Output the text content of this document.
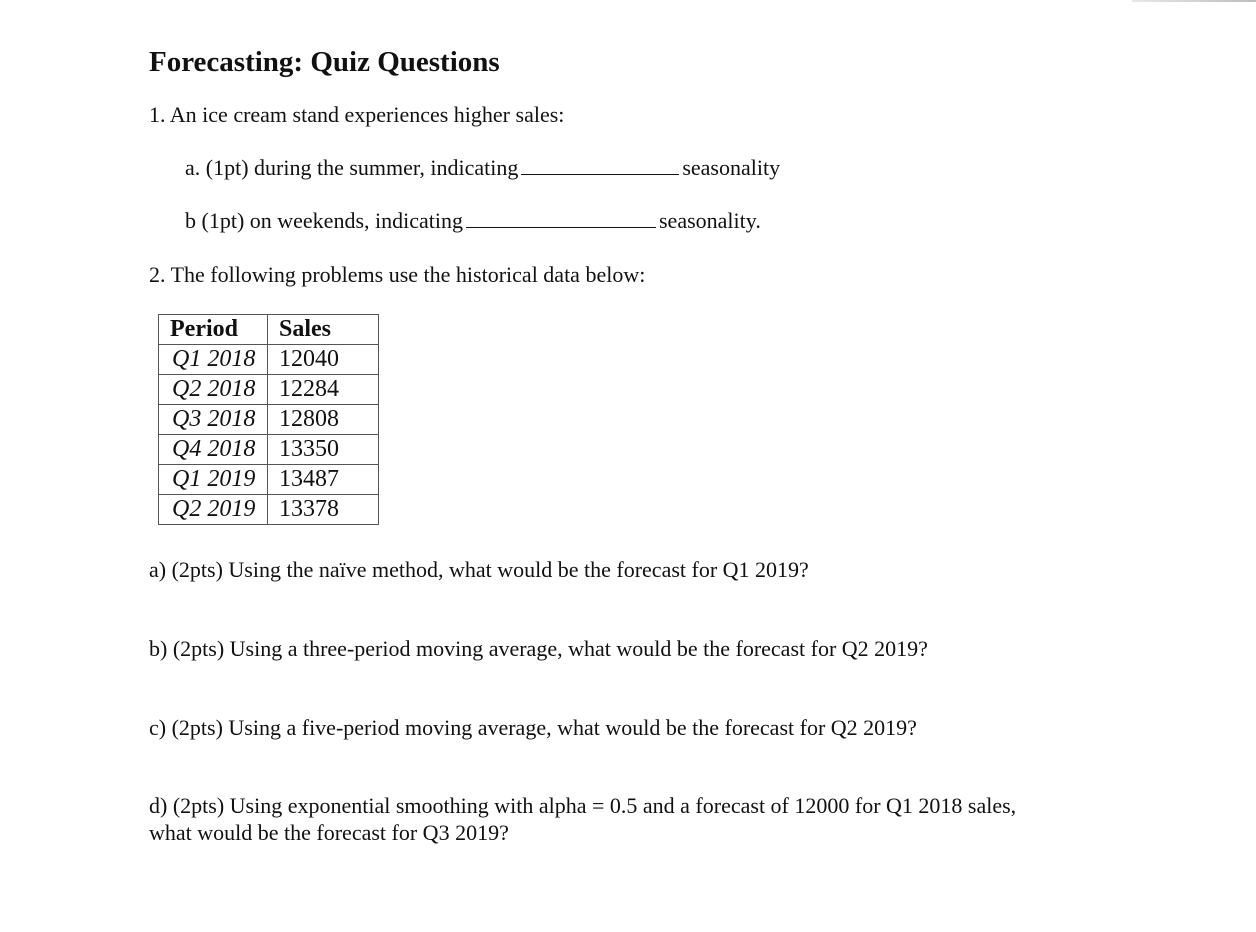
Forecasting: Quiz Questions
1. An ice cream stand experiences higher sales:
a. (1pt) during the summer, indicating	seasonality
b (1pt) on weekends, indicating	seasonality.
2. The following problems use the historical data below:
Period	Sales
Q1 2018	12040
Q2 2018	12284
Q3 2018	12808
Q4 2018	13350
Q1 2019	13487
Q2 2019	13378
a) (2pts) Using the naïve method, what would be the forecast for Q1 2019?
b) (2pts) Using a three-period moving average, what would be the forecast for Q2 2019?
c) (2pts) Using a five-period moving average, what would be the forecast for Q2 2019?
d) (2pts) Using exponential smoothing with alpha = 0.5 and a forecast of 12000 for Q1 2018 sales,
what would be the forecast for Q3 2019?
